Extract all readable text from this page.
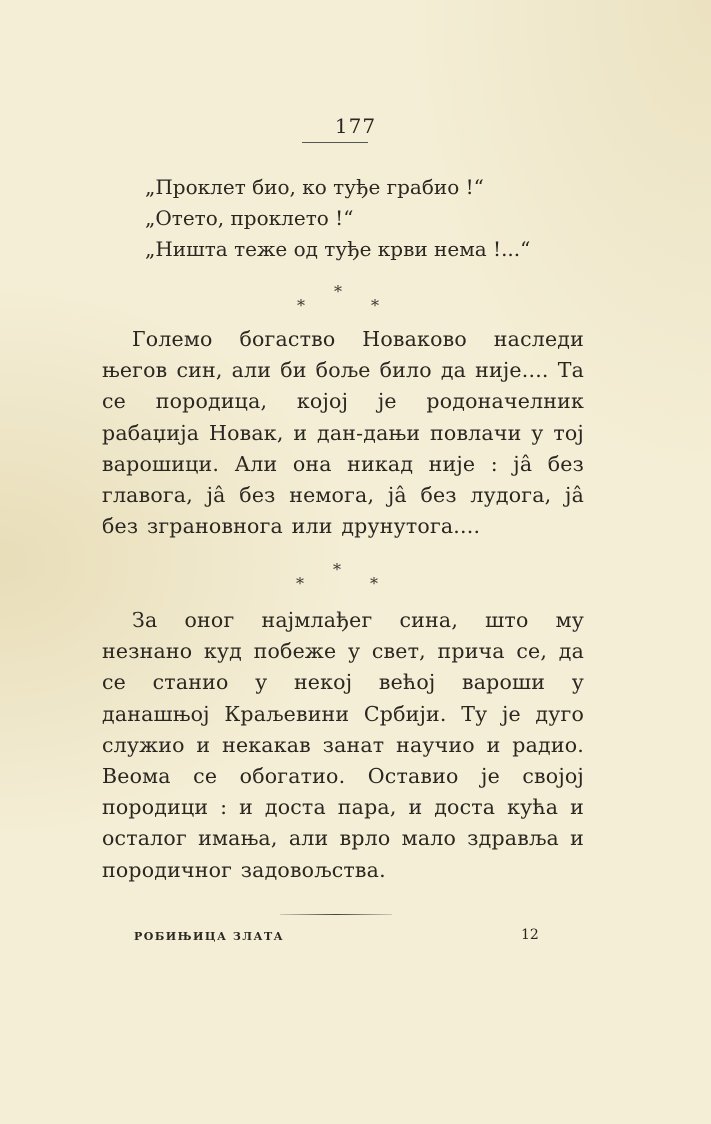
177
„Проклет био, ко туђе грабио !“
„Отето, проклето !“
„Ништа теже од туђе крви нема !...“
*
*	*

Големо богаство Новаково наследи његов син, али би боље било да није.... Та се породица, којој је родоначелник рабаџија Новак, и дан-дањи повлачи у тој варошици. Али она никад није : јâ без главога, јâ без немога, јâ без лудога, јâ без зграновнога или друнутога....

*
*	*

За оног најмлађег сина, што му незнано куд побеже у свет, прича се, да се станио у некој већој вароши у данашњој Краљевини Србији. Ту је дуго служио и некакав занат научио и радио. Веома се обогатио. Оставио је својој породици : и доста пара, и доста кућа и осталог имања, али врло мало здравља и породичног задовољства.

РОБИЊИЦА ЗЛАТА	12
